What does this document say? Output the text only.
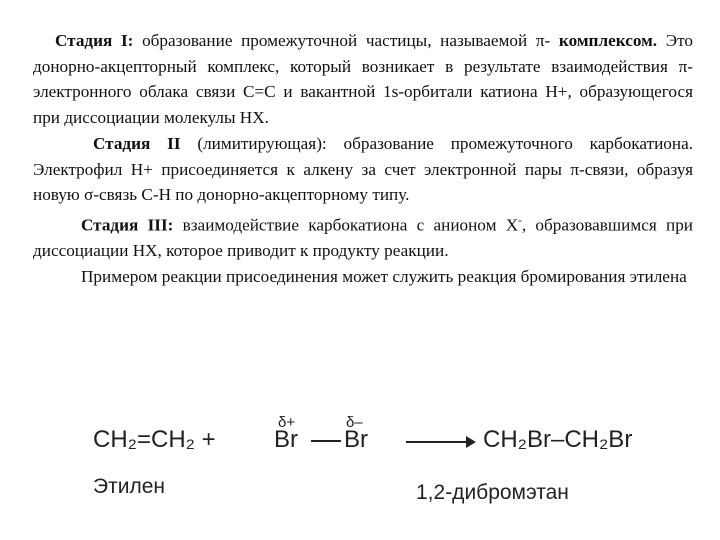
Стадия I: образование промежуточной частицы, называемой π- комплексом. Это донорно-акцепторный комплекс, который возникает в результате взаимодействия π-электронного облака связи С=С и вакантной 1s-орбитали катиона Н+, образующегося при диссоциации молекулы НХ.

Стадия II (лимитирующая): образование промежуточного карбокатиона. Электрофил Н+ присоединяется к алкену за счет электронной пары π-связи, образуя новую σ-связь С-Н по донорно-акцепторному типу.

Стадия III: взаимодействие карбокатиона с анионом Х-, образовавшимся при диссоциации НХ, которое приводит к продукту реакции.

Примером реакции присоединения может служить реакция бромирования этилена

CH₂=CH₂ +
δ+
Br
δ–
Br	CH₂Br–CH₂Br
Этилен	1,2-дибромэтан
